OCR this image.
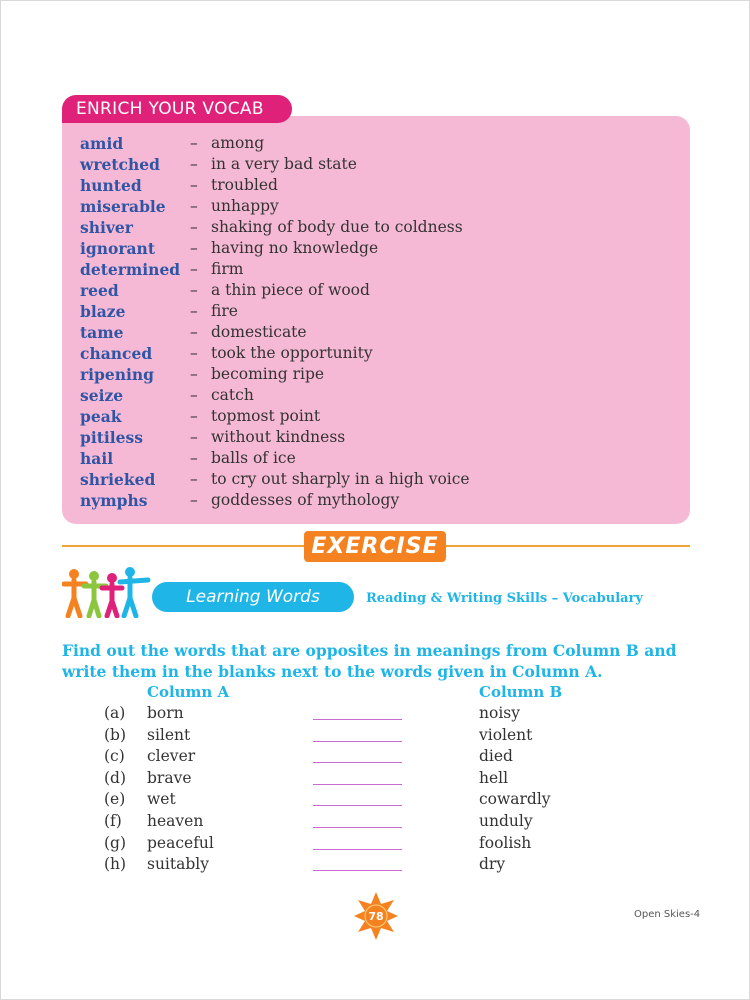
ENRICH YOUR VOCAB
amid	– among
wretched	– in a very bad state
hunted	– troubled
miserable	– unhappy
shiver	– shaking of body due to coldness
ignorant	– having no knowledge
determined – firm
reed	– a thin piece of wood
blaze	– fire
tame	– domesticate
chanced	– took the opportunity
ripening	– becoming ripe
seize	– catch
peak	– topmost point
pitiless	– without kindness
hail	– balls of ice
shrieked	– to cry out sharply in a high voice
nymphs	– goddesses of mythology
EXERCISE
Learning Words	Reading & Writing Skills – Vocabulary
Find out the words that are opposites in meanings from Column B and write them in the blanks next to the words given in Column A.
Column A	Column B
(a) born	noisy
(b) silent	violent
(c) clever	died
(d) brave	hell
(e) wet	cowardly
(f) heaven	unduly
(g) peaceful	foolish
(h) suitably	dry
78	Open Skies-4
